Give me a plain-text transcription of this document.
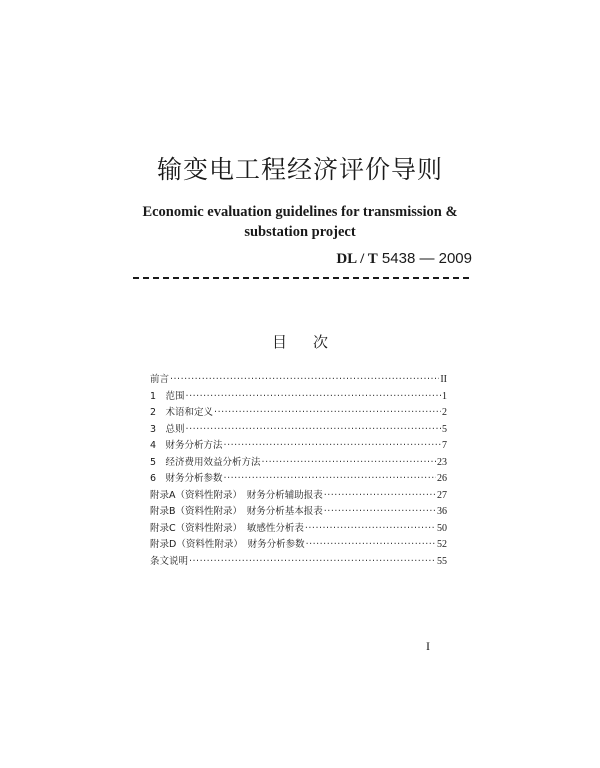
输变电工程经济评价导则
Economic evaluation guidelines for transmission &
substation project
DL / T 5438 — 2009
目 次
前言 ·····	II
1　范围 ·····	1
2　术语和定义 ·····	2
3　总则 ·····	5
4　财务分析方法 ·····	7
5　经济费用效益分析方法 ·····	23
6　财务分析参数 ·····	26
附录A（资料性附录）　财务分析辅助报表 ·····	27
附录B（资料性附录）　财务分析基本报表 ·····	36
附录C（资料性附录）　敏感性分析表 ·····	50
附录D（资料性附录）　财务分析参数 ·····	52
条文说明 ·····	55
I
